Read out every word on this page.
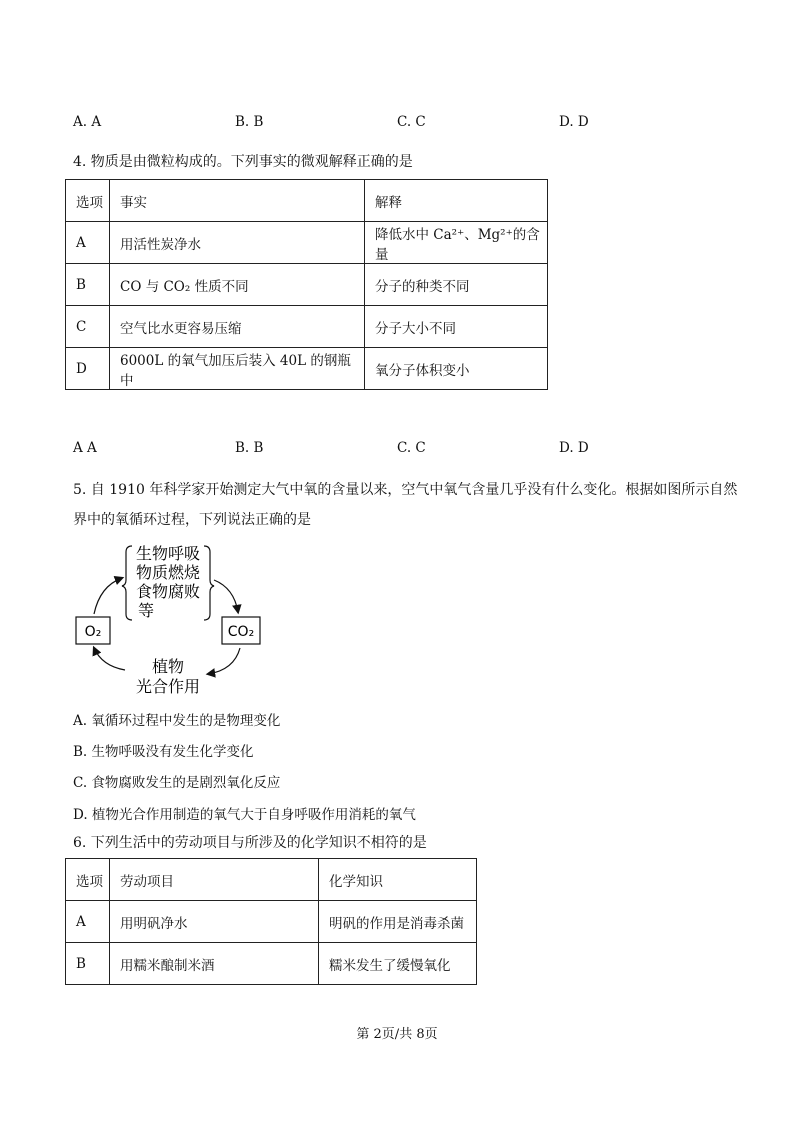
A. A	B. B	C. C	D. D
4. 物质是由微粒构成的。下列事实的微观解释正确的是
选项	事实	解释
A	用活性炭净水	降低水中 Ca²⁺、Mg²⁺的含量
B	CO 与 CO₂ 性质不同	分子的种类不同
C	空气比水更容易压缩	分子大小不同
D	6000L 的氧气加压后装入 40L 的钢瓶中	氧分子体积变小
A A	B. B	C. C	D. D
5. 自 1910 年科学家开始测定大气中氧的含量以来，空气中氧气含量几乎没有什么变化。根据如图所示自然
界中的氧循环过程，下列说法正确的是
生物呼吸
物质燃烧
食物腐败
等
O₂	CO₂
植物
光合作用
A. 氧循环过程中发生的是物理变化
B. 生物呼吸没有发生化学变化
C. 食物腐败发生的是剧烈氧化反应
D. 植物光合作用制造的氧气大于自身呼吸作用消耗的氧气
6. 下列生活中的劳动项目与所涉及的化学知识不相符的是
选项	劳动项目	化学知识
A	用明矾净水	明矾的作用是消毒杀菌
B	用糯米酿制米酒	糯米发生了缓慢氧化
第 2页/共 8页
